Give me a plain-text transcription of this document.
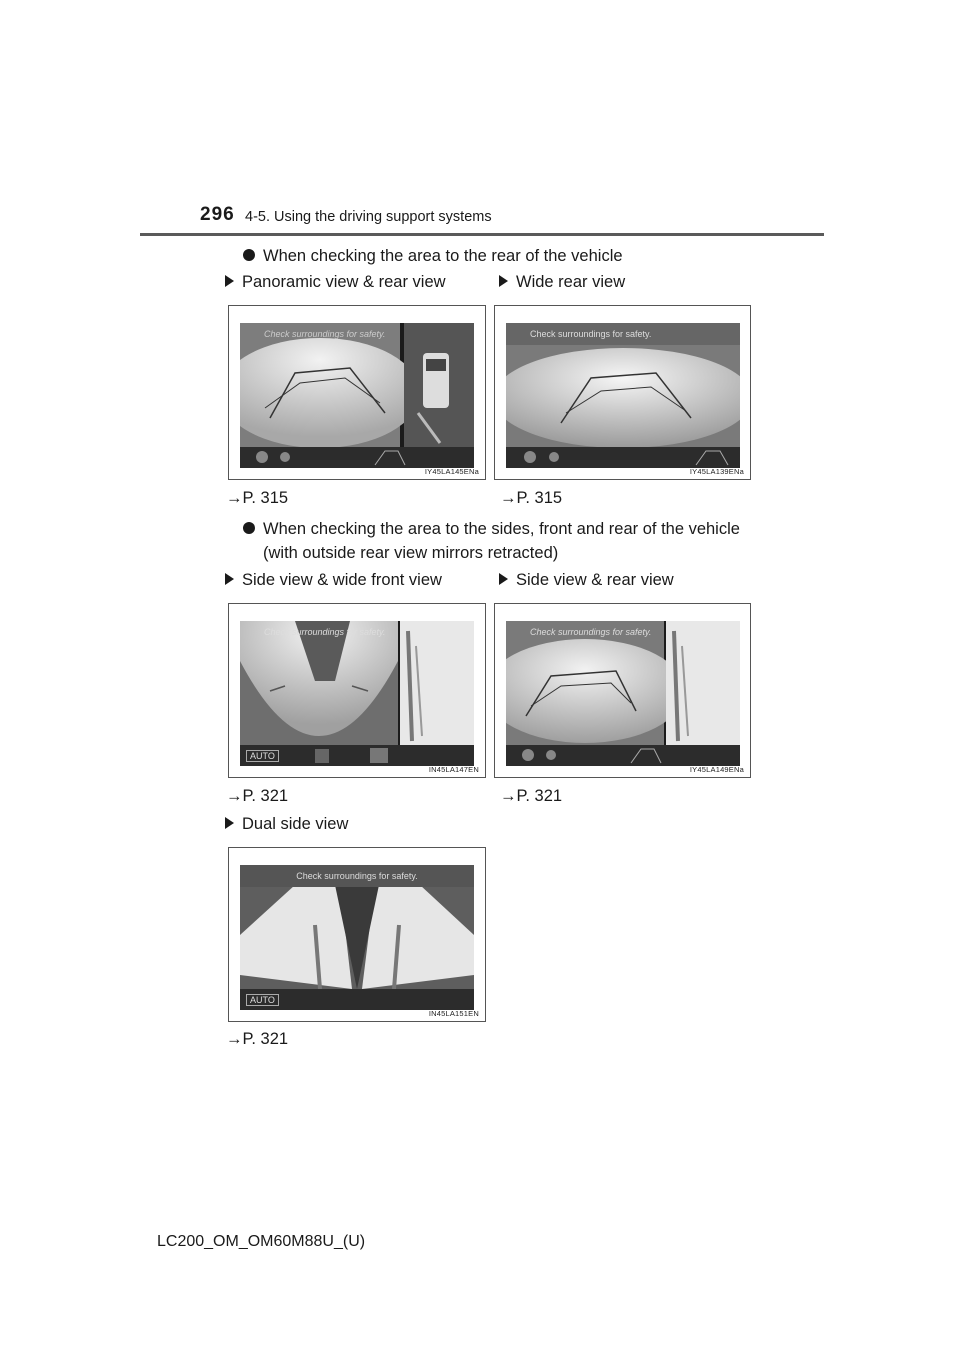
296 4-5. Using the driving support systems
When checking the area to the rear of the vehicle
Panoramic view & rear view	Wide rear view
Check surroundings for safety.
IY45LA145ENa
Check surroundings for safety.
IY45LA139ENa
→P. 315	→P. 315
When checking the area to the sides, front and rear of the vehicle
(with outside rear view mirrors retracted)
Side view & wide front view	Side view & rear view
Check surroundings for safety.
AUTO
IN45LA147EN
Check surroundings for safety.
IY45LA149ENa
→P. 321	→P. 321
Dual side view
Check surroundings for safety.
AUTO
IN45LA151EN
→P. 321
LC200_OM_OM60M88U_(U)
